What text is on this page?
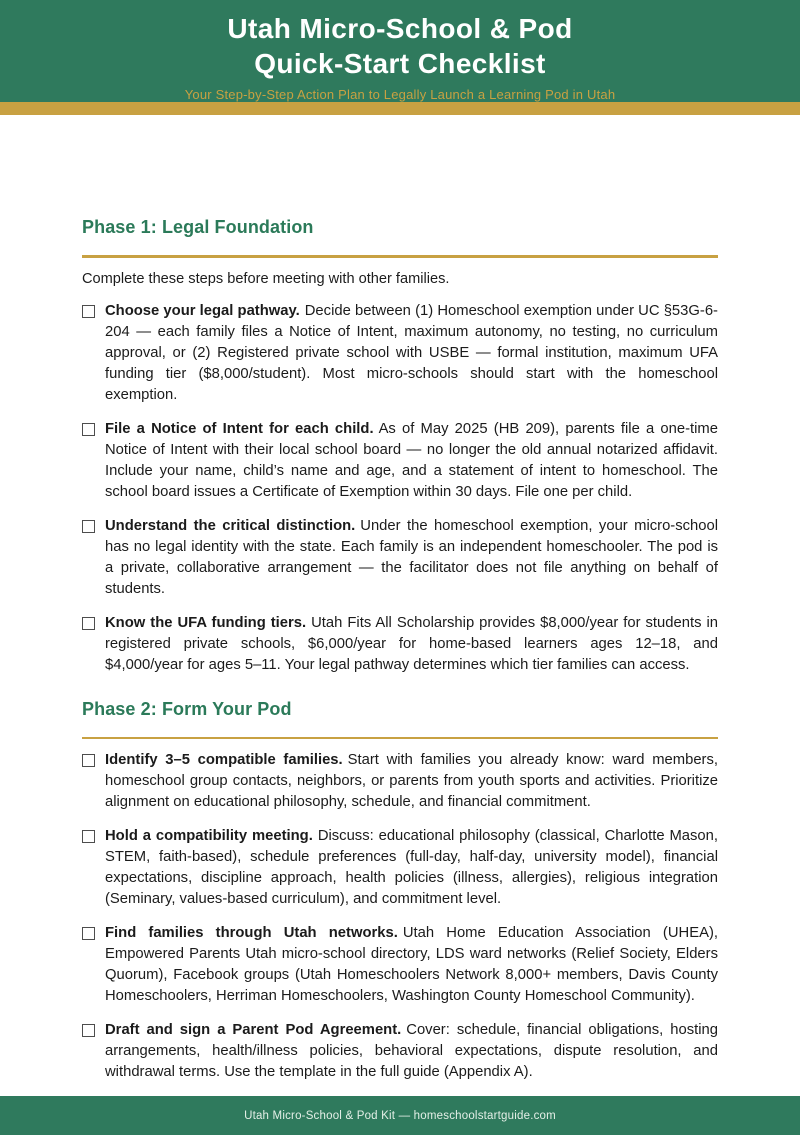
Utah Micro-School & Pod
Quick-Start Checklist
Your Step-by-Step Action Plan to Legally Launch a Learning Pod in Utah
Phase 1: Legal Foundation

Complete these steps before meeting with other families.

Choose your legal pathway. Decide between (1) Homeschool exemption under UC §53G-6-204 — each family files a Notice of Intent, maximum autonomy, no testing, no curriculum approval, or (2) Registered private school with USBE — formal institution, maximum UFA funding tier ($8,000/student). Most micro-schools should start with the homeschool exemption.

File a Notice of Intent for each child. As of May 2025 (HB 209), parents file a one-time Notice of Intent with their local school board — no longer the old annual notarized affidavit. Include your name, child’s name and age, and a statement of intent to homeschool. The school board issues a Certificate of Exemption within 30 days. File one per child.

Understand the critical distinction. Under the homeschool exemption, your micro-school has no legal identity with the state. Each family is an independent homeschooler. The pod is a private, collaborative arrangement — the facilitator does not file anything on behalf of students.

Know the UFA funding tiers. Utah Fits All Scholarship provides $8,000/year for students in registered private schools, $6,000/year for home-based learners ages 12–18, and $4,000/year for ages 5–11. Your legal pathway determines which tier families can access.

Phase 2: Form Your Pod

Identify 3–5 compatible families. Start with families you already know: ward members, homeschool group contacts, neighbors, or parents from youth sports and activities. Prioritize alignment on educational philosophy, schedule, and financial commitment.

Hold a compatibility meeting. Discuss: educational philosophy (classical, Charlotte Mason, STEM, faith-based), schedule preferences (full-day, half-day, university model), financial expectations, discipline approach, health policies (illness, allergies), religious integration (Seminary, values-based curriculum), and commitment level.

Find families through Utah networks. Utah Home Education Association (UHEA), Empowered Parents Utah micro-school directory, LDS ward networks (Relief Society, Elders Quorum), Facebook groups (Utah Homeschoolers Network 8,000+ members, Davis County Homeschoolers, Herriman Homeschoolers, Washington County Homeschool Community).

Draft and sign a Parent Pod Agreement. Cover: schedule, financial obligations, hosting arrangements, health/illness policies, behavioral expectations, dispute resolution, and withdrawal terms. Use the template in the full guide (Appendix A).

Utah Micro-School & Pod Kit — homeschoolstartguide.com
